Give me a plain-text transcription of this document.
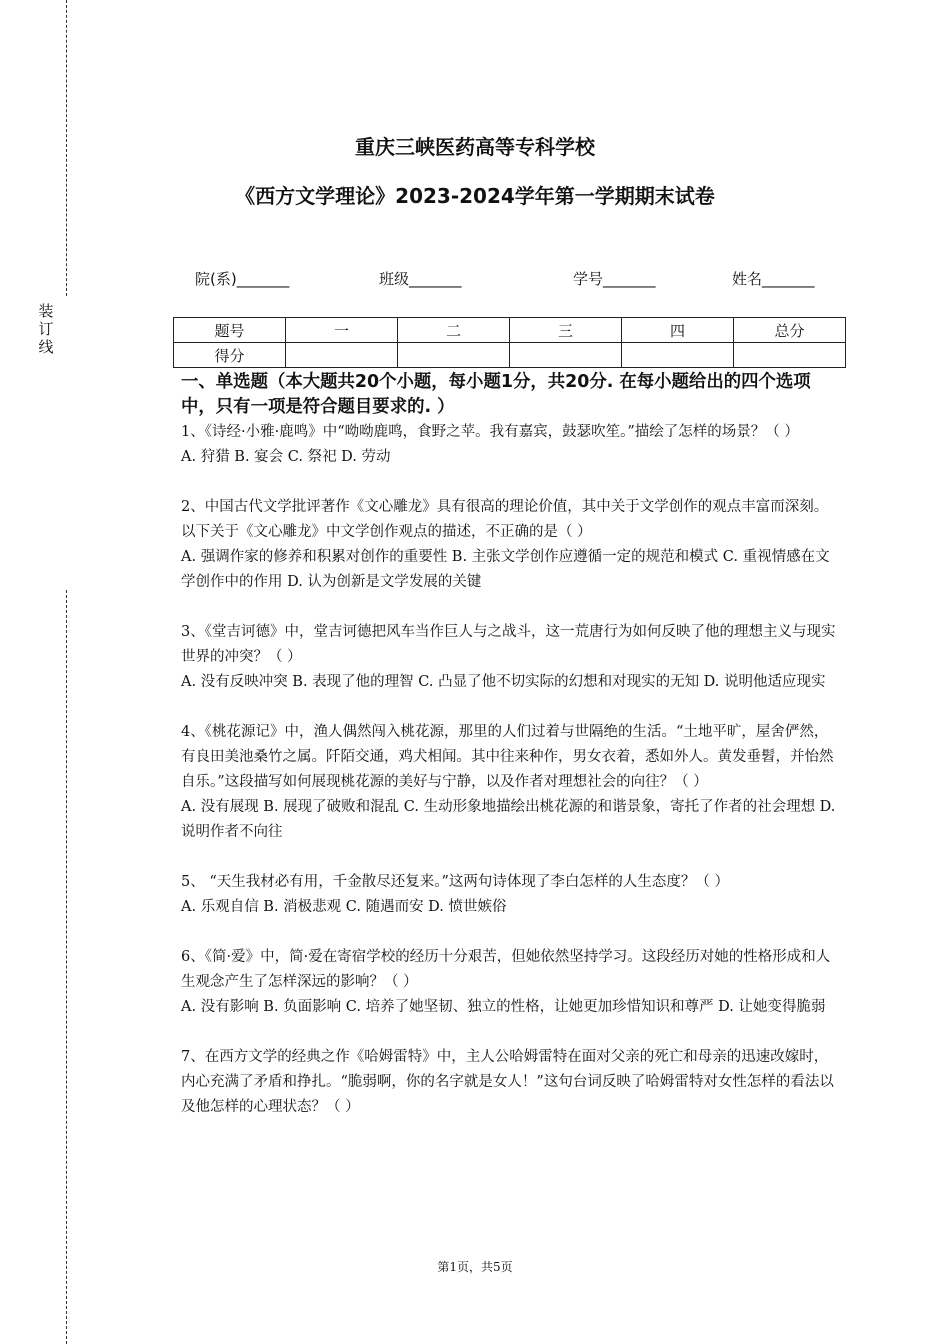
装订线
重庆三峡医药高等专科学校
《西方文学理论》2023-2024学年第一学期期末试卷
院(系)_______	班级_______	学号_______	姓名_______
题号	一	二	三	四	总分
得分					
一、单选题（本大题共20个小题，每小题1分，共20分. 在每小题给出的四个选项中，只有一项是符合题目要求的. ）

1、《诗经·小雅·鹿鸣》中“呦呦鹿鸣，食野之苹。我有嘉宾，鼓瑟吹笙。”描绘了怎样的场景？（ ）

A. 狩猎 B. 宴会 C. 祭祀 D. 劳动

2、中国古代文学批评著作《文心雕龙》具有很高的理论价值，其中关于文学创作的观点丰富而深刻。以下关于《文心雕龙》中文学创作观点的描述，不正确的是（ ）

A. 强调作家的修养和积累对创作的重要性 B. 主张文学创作应遵循一定的规范和模式 C. 重视情感在文学创作中的作用 D. 认为创新是文学发展的关键

3、《堂吉诃德》中，堂吉诃德把风车当作巨人与之战斗，这一荒唐行为如何反映了他的理想主义与现实世界的冲突？（ ）

A. 没有反映冲突 B. 表现了他的理智 C. 凸显了他不切实际的幻想和对现实的无知 D. 说明他适应现实

4、《桃花源记》中，渔人偶然闯入桃花源，那里的人们过着与世隔绝的生活。“土地平旷，屋舍俨然，有良田美池桑竹之属。阡陌交通，鸡犬相闻。其中往来种作，男女衣着，悉如外人。黄发垂髫，并怡然自乐。”这段描写如何展现桃花源的美好与宁静，以及作者对理想社会的向往？（ ）

A. 没有展现 B. 展现了破败和混乱 C. 生动形象地描绘出桃花源的和谐景象，寄托了作者的社会理想 D. 说明作者不向往

5、 “天生我材必有用，千金散尽还复来。”这两句诗体现了李白怎样的人生态度？（ ）

A. 乐观自信 B. 消极悲观 C. 随遇而安 D. 愤世嫉俗

6、《简·爱》中，简·爱在寄宿学校的经历十分艰苦，但她依然坚持学习。这段经历对她的性格形成和人生观念产生了怎样深远的影响？（ ）

A. 没有影响 B. 负面影响 C. 培养了她坚韧、独立的性格，让她更加珍惜知识和尊严 D. 让她变得脆弱

7、在西方文学的经典之作《哈姆雷特》中，主人公哈姆雷特在面对父亲的死亡和母亲的迅速改嫁时，内心充满了矛盾和挣扎。“脆弱啊，你的名字就是女人！”这句台词反映了哈姆雷特对女性怎样的看法以及他怎样的心理状态？（ ）

第1页，共5页
